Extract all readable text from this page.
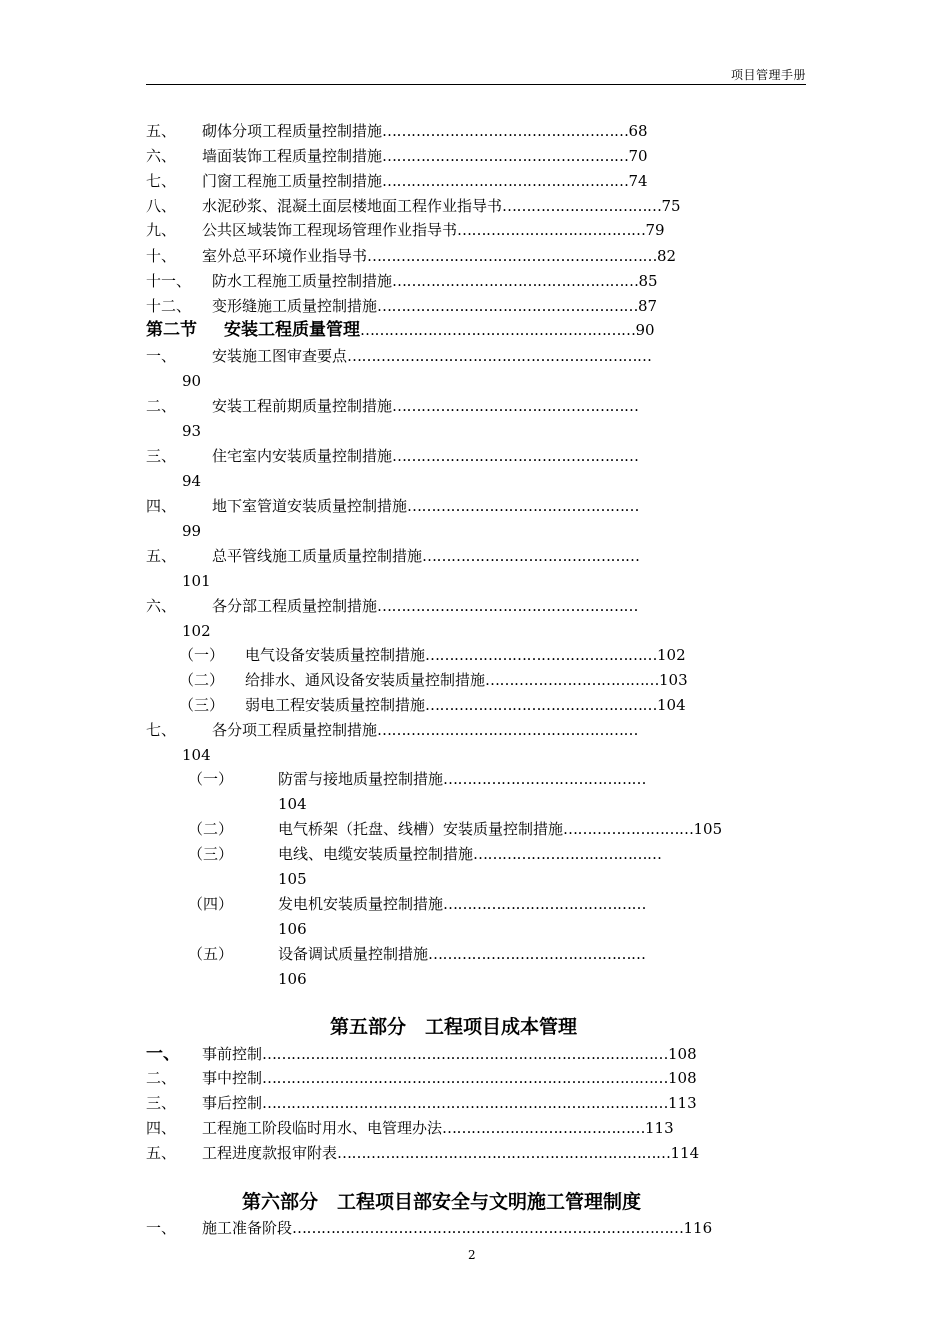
项目管理手册
五、 砌体分项工程质量控制措施……………………………………………68
六、 墙面装饰工程质量控制措施……………………………………………70
七、 门窗工程施工质量控制措施……………………………………………74
八、 水泥砂浆、混凝土面层楼地面工程作业指导书……………………………75
九、 公共区域装饰工程现场管理作业指导书…………………………………79
十、 室外总平环境作业指导书……………………………………………………82
十一、 防水工程施工质量控制措施……………………………………………85
十二、 变形缝施工质量控制措施………………………………………………87
第二节 安装工程质量管理…………………………………………………90
一、 安装施工图审查要点………………………………………………………
90
二、 安装工程前期质量控制措施……………………………………………
93
三、 住宅室内安装质量控制措施……………………………………………
94
四、 地下室管道安装质量控制措施…………………………………………
99
五、 总平管线施工质量质量控制措施………………………………………
101
六、 各分部工程质量控制措施………………………………………………
102
（一） 电气设备安装质量控制措施…………………………………………102
（二） 给排水、通风设备安装质量控制措施………………………………103
（三） 弱电工程安装质量控制措施…………………………………………104
七、 各分项工程质量控制措施………………………………………………
104
（一）	防雷与接地质量控制措施……………………………………
104
（二）	电气桥架（托盘、线槽）安装质量控制措施………………………105
（三）	电线、电缆安装质量控制措施…………………………………
105
（四）	发电机安装质量控制措施……………………………………
106
（五）	设备调试质量控制措施………………………………………
106
第五部分　工程项目成本管理
一、 事前控制…………………………………………………………………………108
二、 事中控制…………………………………………………………………………108
三、 事后控制…………………………………………………………………………113
四、 工程施工阶段临时用水、电管理办法……………………………………113
五、 工程进度款报审附表……………………………………………………………114
第六部分　工程项目部安全与文明施工管理制度
一、 施工准备阶段………………………………………………………………………116
2
